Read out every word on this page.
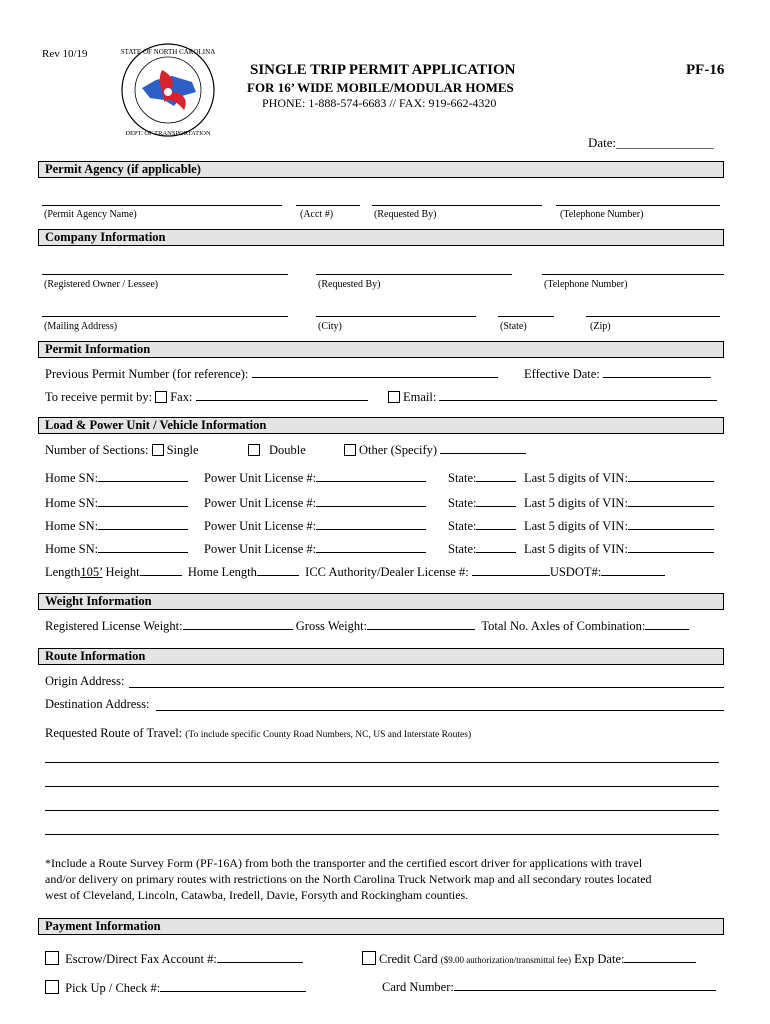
Rev 10/19	STATE OF NORTH CAROLINA
DEPT. OF TRANSPORTATION
SINGLE TRIP PERMIT APPLICATION	PF-16
FOR 16’ WIDE MOBILE/MODULAR HOMES
PHONE: 1-888-574-6683 // FAX: 919-662-4320
Date:_______________
Permit Agency (if applicable)
(Permit Agency Name)	(Acct #)	(Requested By)	(Telephone Number)
Company Information
(Registered Owner / Lessee)	(Requested By)	(Telephone Number)
(Mailing Address)	(City)	(State)	(Zip)
Permit Information
Previous Permit Number (for reference):	Effective Date:
To receive permit by: Fax:	Email:
Load & Power Unit / Vehicle Information
Number of Sections: Single	Double	Other (Specify)
Home SN:	Power Unit License #:	State:	Last 5 digits of VIN:
Home SN:	Power Unit License #:	State:	Last 5 digits of VIN:
Home SN:	Power Unit License #:	State:	Last 5 digits of VIN:
Home SN:	Power Unit License #:	State:	Last 5 digits of VIN:
Length105’ Height	Home Length	ICC Authority/Dealer License #:	USDOT#:
Weight Information
Registered License Weight:	Gross Weight:	Total No. Axles of Combination:
Route Information
Origin Address:
Destination Address:
Requested Route of Travel: (To include specific County Road Numbers, NC, US and Interstate Routes)
*Include a Route Survey Form (PF-16A) from both the transporter and the certified escort driver for applications with travel
and/or delivery on primary routes with restrictions on the North Carolina Truck Network map and all secondary routes located
west of Cleveland, Lincoln, Catawba, Iredell, Davie, Forsyth and Rockingham counties.
Payment Information
Escrow/Direct Fax Account #:	Credit Card ($9.00 authorization/transmittal fee) Exp Date:
Pick Up / Check #:	Card Number:
